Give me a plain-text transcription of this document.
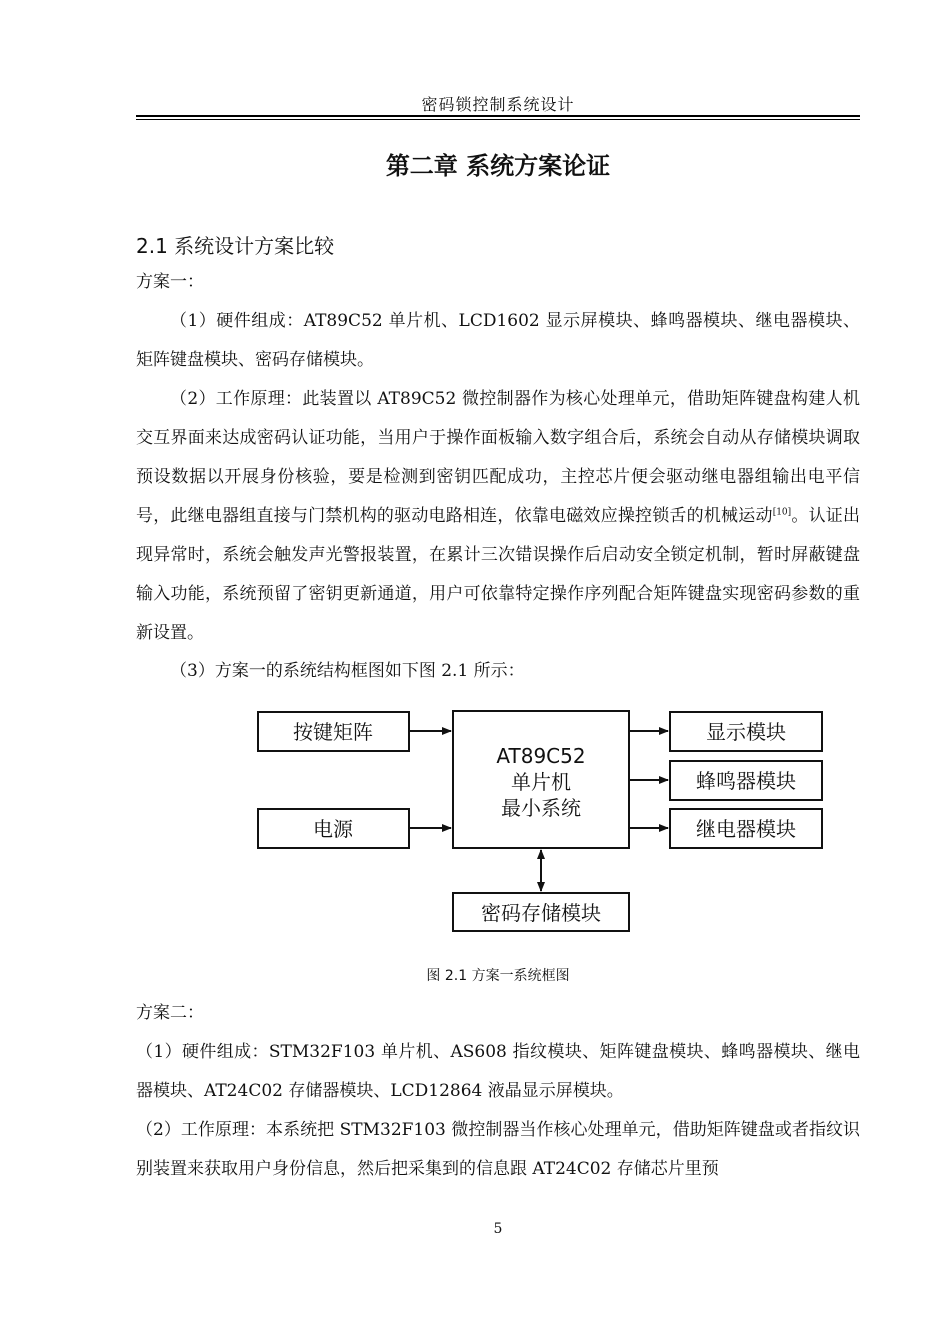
密码锁控制系统设计
第二章 系统方案论证
2.1 系统设计方案比较
方案一：
（1）硬件组成：AT89C52 单片机、LCD1602 显示屏模块、蜂鸣器模块、继电器模块、矩阵键盘模块、密码存储模块。
（2）工作原理：此装置以 AT89C52 微控制器作为核心处理单元，借助矩阵键盘构建人机交互界面来达成密码认证功能，当用户于操作面板输入数字组合后，系统会自动从存储模块调取预设数据以开展身份核验，要是检测到密钥匹配成功，主控芯片便会驱动继电器组输出电平信号，此继电器组直接与门禁机构的驱动电路相连，依靠电磁效应操控锁舌的机械运动[10]。认证出现异常时，系统会触发声光警报装置，在累计三次错误操作后启动安全锁定机制，暂时屏蔽键盘输入功能，系统预留了密钥更新通道，用户可依靠特定操作序列配合矩阵键盘实现密码参数的重新设置。
（3）方案一的系统结构框图如下图 2.1 所示：
按键矩阵
电源
AT89C52
单片机
最小系统
显示模块
蜂鸣器模块
继电器模块
密码存储模块
图 2.1 方案一系统框图
方案二：
（1）硬件组成：STM32F103 单片机、AS608 指纹模块、矩阵键盘模块、蜂鸣器模块、继电器模块、AT24C02 存储器模块、LCD12864 液晶显示屏模块。
（2）工作原理：本系统把 STM32F103 微控制器当作核心处理单元，借助矩阵键盘或者指纹识别装置来获取用户身份信息，然后把采集到的信息跟 AT24C02 存储芯片里预
5
